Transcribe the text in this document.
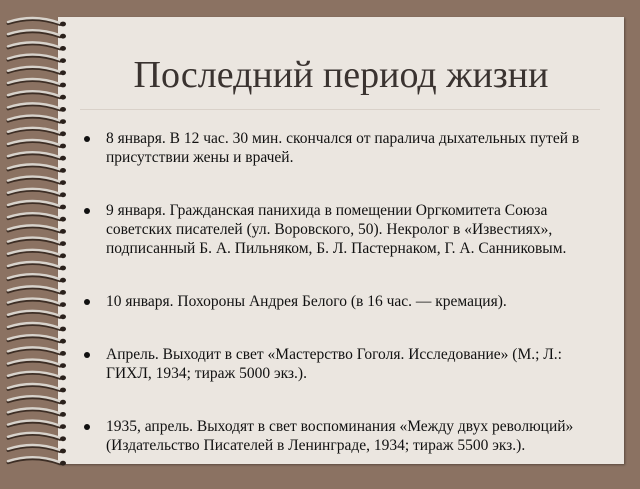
Последний период жизни
8 января. В 12 час. 30 мин. скончался от паралича дыхательных путей в присутствии жены и врачей.
9 января. Гражданская панихида в помещении Оргкомитета Союза советских писателей (ул. Воровского, 50). Некролог в «Известиях», подписанный Б. А. Пильняком, Б. Л. Пастернаком, Г. А. Санниковым.
10 января. Похороны Андрея Белого (в 16 час. — кремация).
Апрель. Выходит в свет «Мастерство Гоголя. Исследование» (М.; Л.: ГИХЛ, 1934; тираж 5000 экз.).
1935, апрель. Выходят в свет воспоминания «Между двух революций» (Издательство Писателей в Ленинграде, 1934; тираж 5500 экз.).
